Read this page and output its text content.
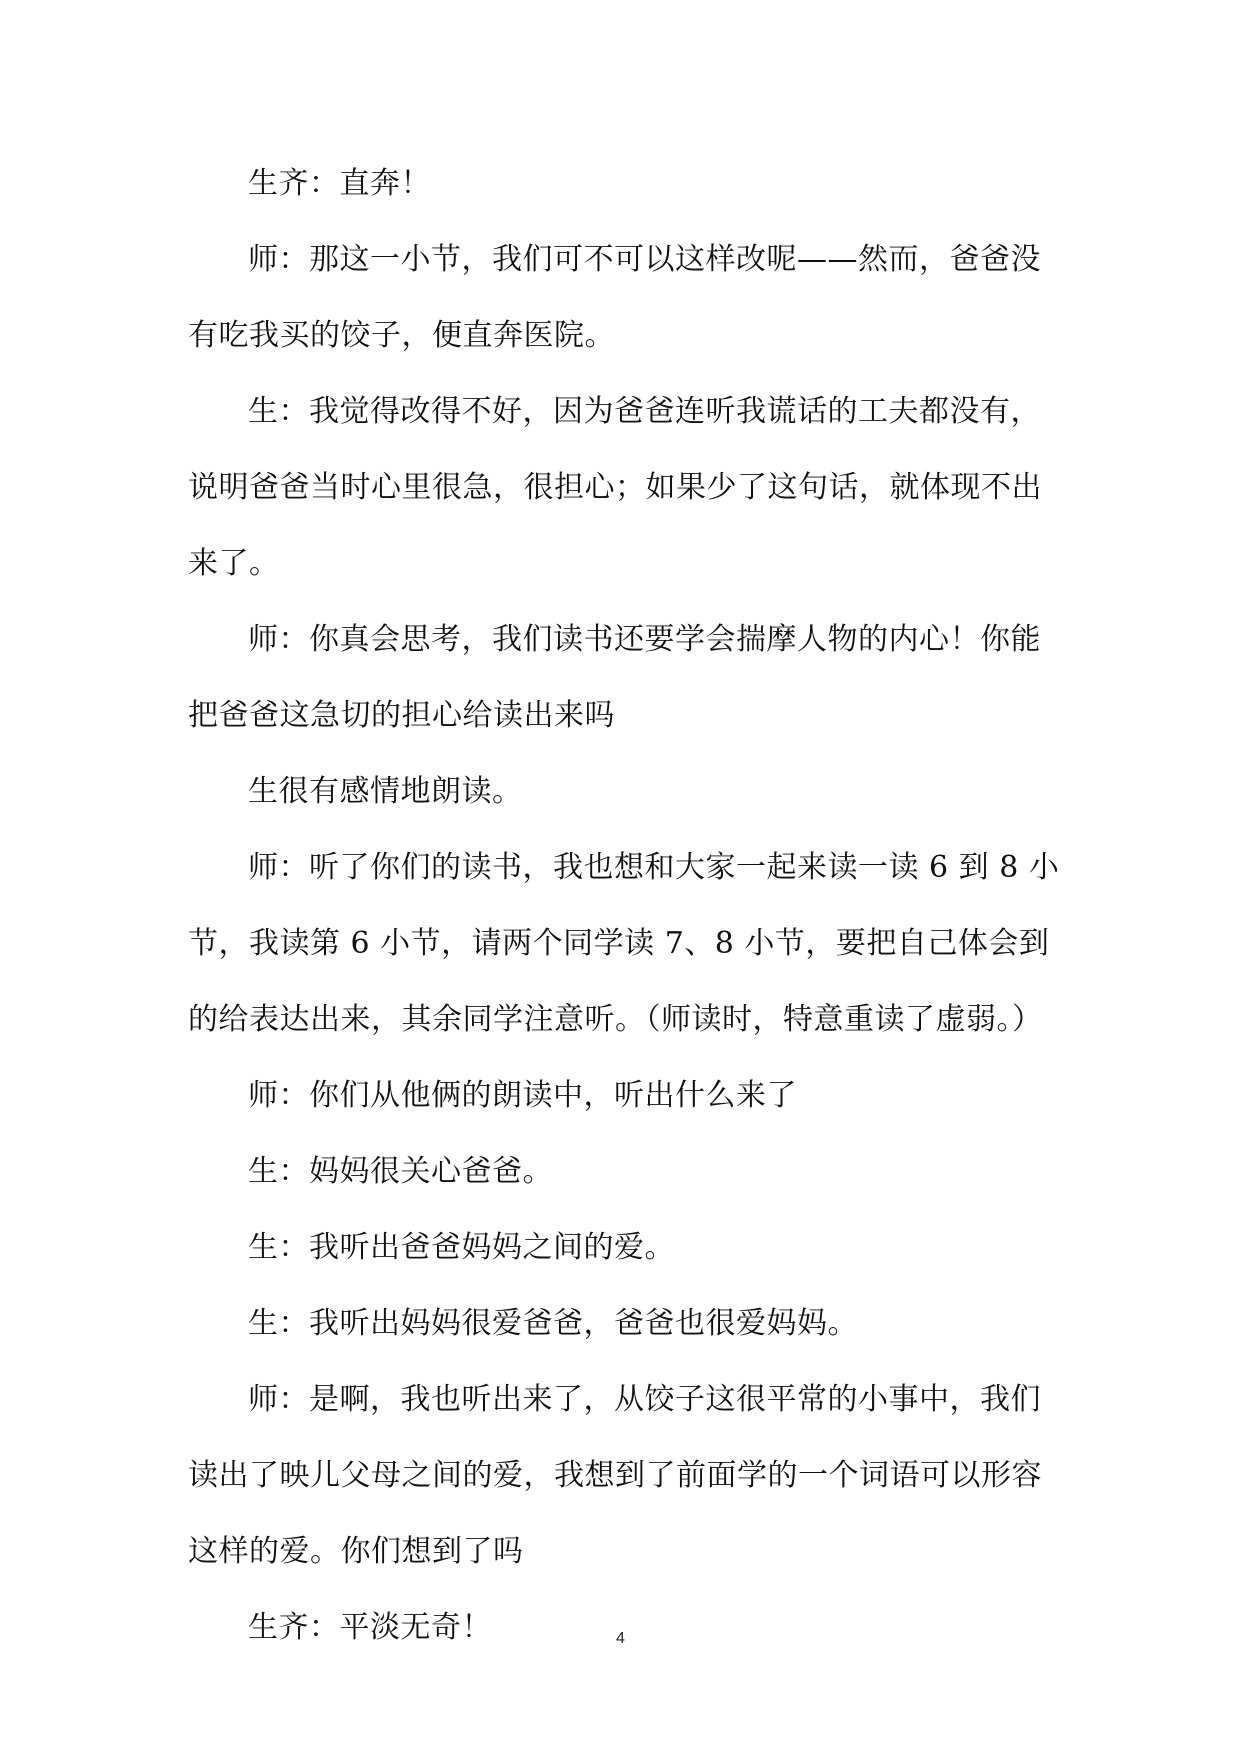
生齐：直奔！

师：那这一小节，我们可不可以这样改呢——然而，爸爸没有吃我买的饺子，便直奔医院。

生：我觉得改得不好，因为爸爸连听我谎话的工夫都没有，说明爸爸当时心里很急，很担心；如果少了这句话，就体现不出来了。

师：你真会思考，我们读书还要学会揣摩人物的内心！你能把爸爸这急切的担心给读出来吗

生很有感情地朗读。

师：听了你们的读书，我也想和大家一起来读一读 6 到 8 小节，我读第 6 小节，请两个同学读 7、8 小节，要把自己体会到的给表达出来，其余同学注意听。（师读时，特意重读了虚弱。）

师：你们从他俩的朗读中，听出什么来了

生：妈妈很关心爸爸。

生：我听出爸爸妈妈之间的爱。

生：我听出妈妈很爱爸爸，爸爸也很爱妈妈。

师：是啊，我也听出来了，从饺子这很平常的小事中，我们读出了映儿父母之间的爱，我想到了前面学的一个词语可以形容这样的爱。你们想到了吗

生齐：平淡无奇！	4
